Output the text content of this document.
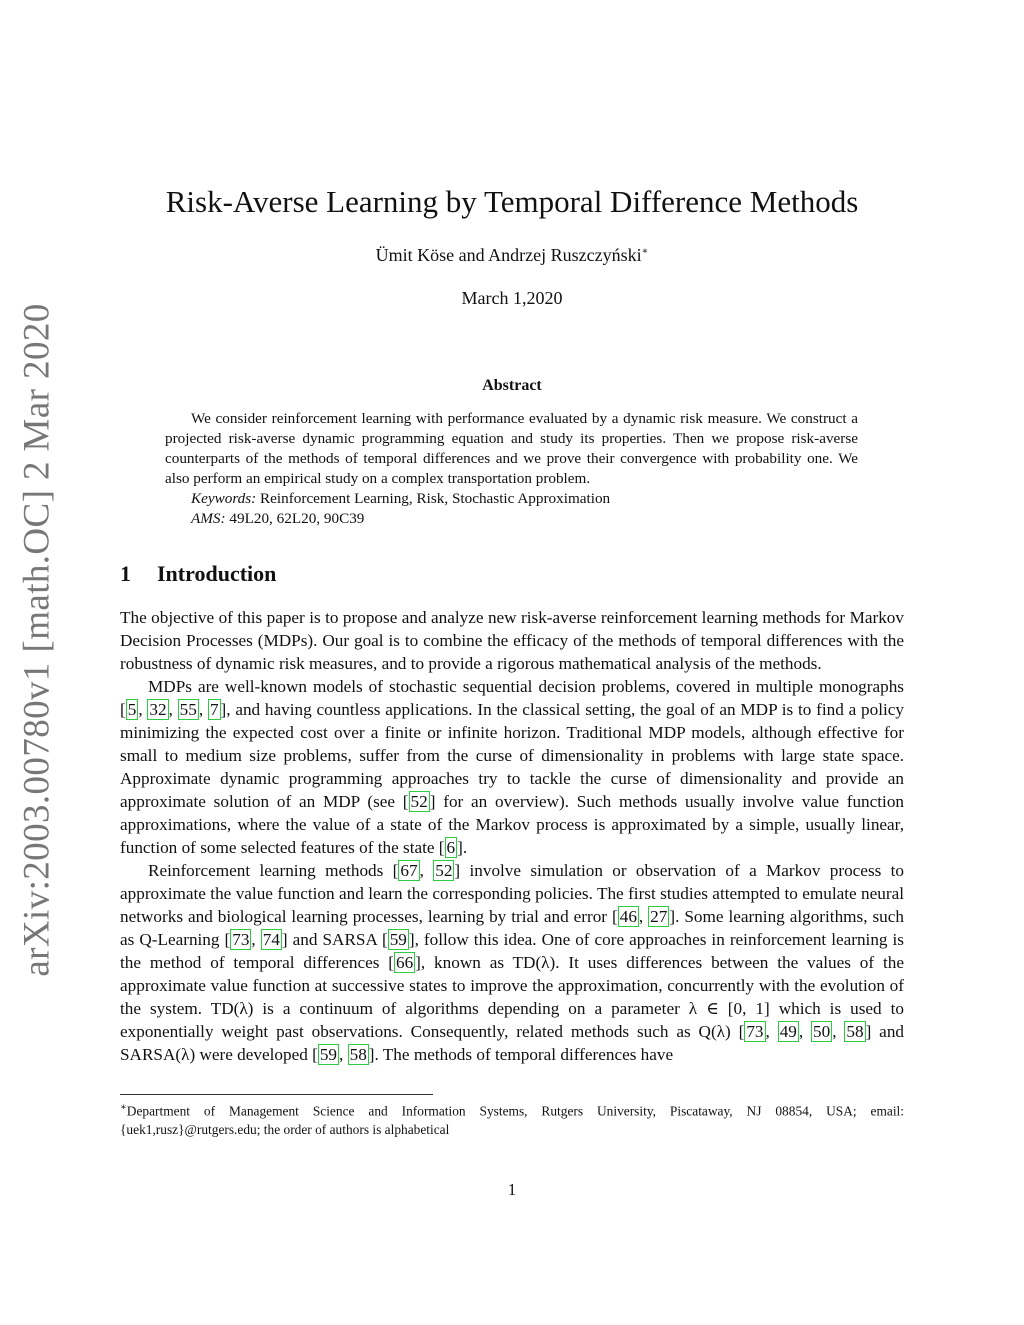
arXiv:2003.00780v1 [math.OC] 2 Mar 2020
Risk-Averse Learning by Temporal Difference Methods
Ümit Köse and Andrzej Ruszczyński∗
March 1,2020
Abstract

We consider reinforcement learning with performance evaluated by a dynamic risk measure. We construct a projected risk-averse dynamic programming equation and study its properties. Then we propose risk-averse counterparts of the methods of temporal differences and we prove their convergence with probability one. We also perform an empirical study on a complex transportation problem.

Keywords: Reinforcement Learning, Risk, Stochastic Approximation

AMS: 49L20, 62L20, 90C39

1 Introduction

The objective of this paper is to propose and analyze new risk-averse reinforcement learning methods for Markov Decision Processes (MDPs). Our goal is to combine the efficacy of the methods of temporal differences with the robustness of dynamic risk measures, and to provide a rigorous mathematical analysis of the methods.

MDPs are well-known models of stochastic sequential decision problems, covered in multiple monographs [ 5 , 32 , 55 , 7 ], and having countless applications. In the classical setting, the goal of an MDP is to find a policy minimizing the expected cost over a finite or infinite horizon. Traditional MDP models, although effective for small to medium size problems, suffer from the curse of dimensionality in problems with large state space. Approximate dynamic programming approaches try to tackle the curse of dimensionality and provide an approximate solution of an MDP (see [ 52 ] for an overview). Such methods usually involve value function approximations, where the value of a state of the Markov process is approximated by a simple, usually linear, function of some selected features of the state [ 6 ].

Reinforcement learning methods [ 67 , 52 ] involve simulation or observation of a Markov process to approximate the value function and learn the corresponding policies. The first studies attempted to emulate neural networks and biological learning processes, learning by trial and error [ 46 , 27 ]. Some learning algorithms, such as Q-Learning [ 73 , 74 ] and SARSA [ 59 ], follow this idea. One of core approaches in reinforcement learning is the method of temporal differences [ 66 ], known as TD(λ). It uses differences between the values of the approximate value function at successive states to improve the approximation, concurrently with the evolution of the system. TD(λ) is a continuum of algorithms depending on a parameter λ ∈ [0, 1] which is used to exponentially weight past observations. Consequently, related methods such as Q(λ) [ 73 , 49 , 50 , 58 ] and SARSA(λ) were developed [ 59 , 58 ]. The methods of temporal differences have

∗Department of Management Science and Information Systems, Rutgers University, Piscataway, NJ 08854, USA; email: {uek1,rusz}@rutgers.edu; the order of authors is alphabetical
1
